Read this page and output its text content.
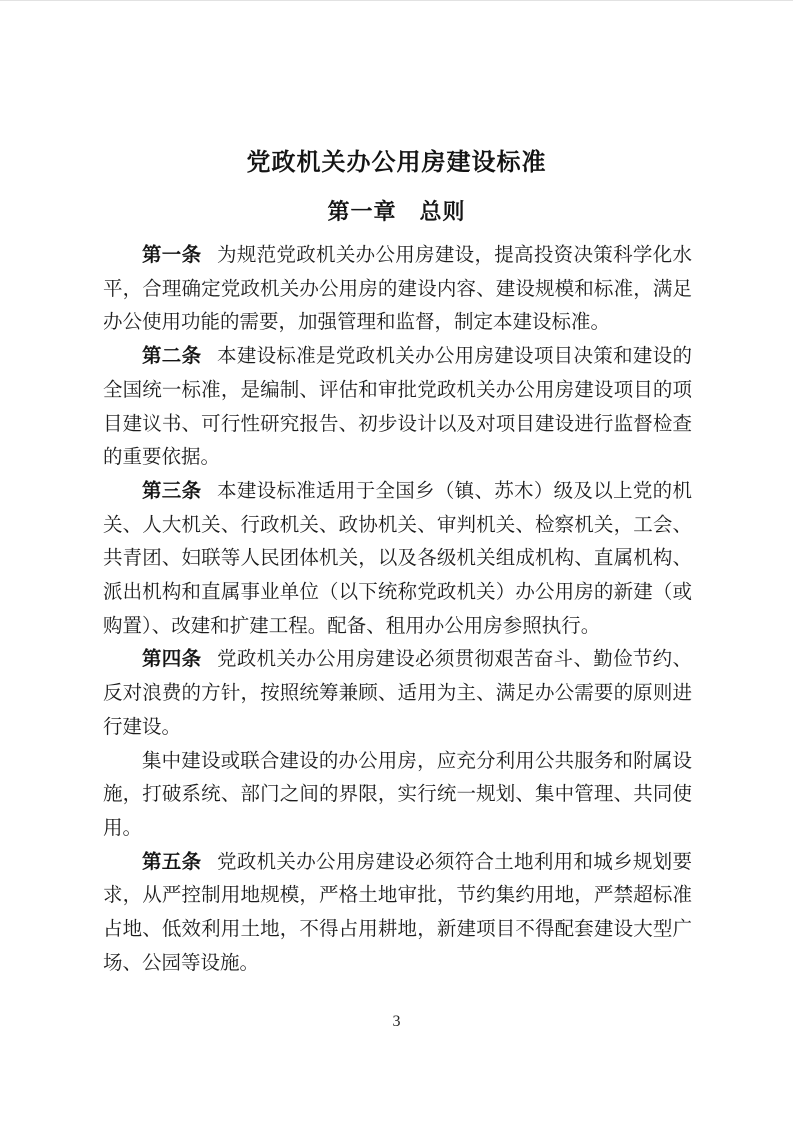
党政机关办公用房建设标准
第一章　总则

第一条 为规范党政机关办公用房建设，提高投资决策科学化水平，合理确定党政机关办公用房的建设内容、建设规模和标准，满足办公使用功能的需要，加强管理和监督，制定本建设标准。

第二条 本建设标准是党政机关办公用房建设项目决策和建设的全国统一标准，是编制、评估和审批党政机关办公用房建设项目的项目建议书、可行性研究报告、初步设计以及对项目建设进行监督检查的重要依据。

第三条 本建设标准适用于全国乡（镇、苏木）级及以上党的机关、人大机关、行政机关、政协机关、审判机关、检察机关，工会、共青团、妇联等人民团体机关，以及各级机关组成机构、直属机构、派出机构和直属事业单位（以下统称党政机关）办公用房的新建（或购置）、改建和扩建工程。配备、租用办公用房参照执行。

第四条 党政机关办公用房建设必须贯彻艰苦奋斗、勤俭节约、反对浪费的方针，按照统筹兼顾、适用为主、满足办公需要的原则进行建设。

集中建设或联合建设的办公用房，应充分利用公共服务和附属设施，打破系统、部门之间的界限，实行统一规划、集中管理、共同使用。

第五条 党政机关办公用房建设必须符合土地利用和城乡规划要求，从严控制用地规模，严格土地审批，节约集约用地，严禁超标准占地、低效利用土地，不得占用耕地，新建项目不得配套建设大型广场、公园等设施。

3
